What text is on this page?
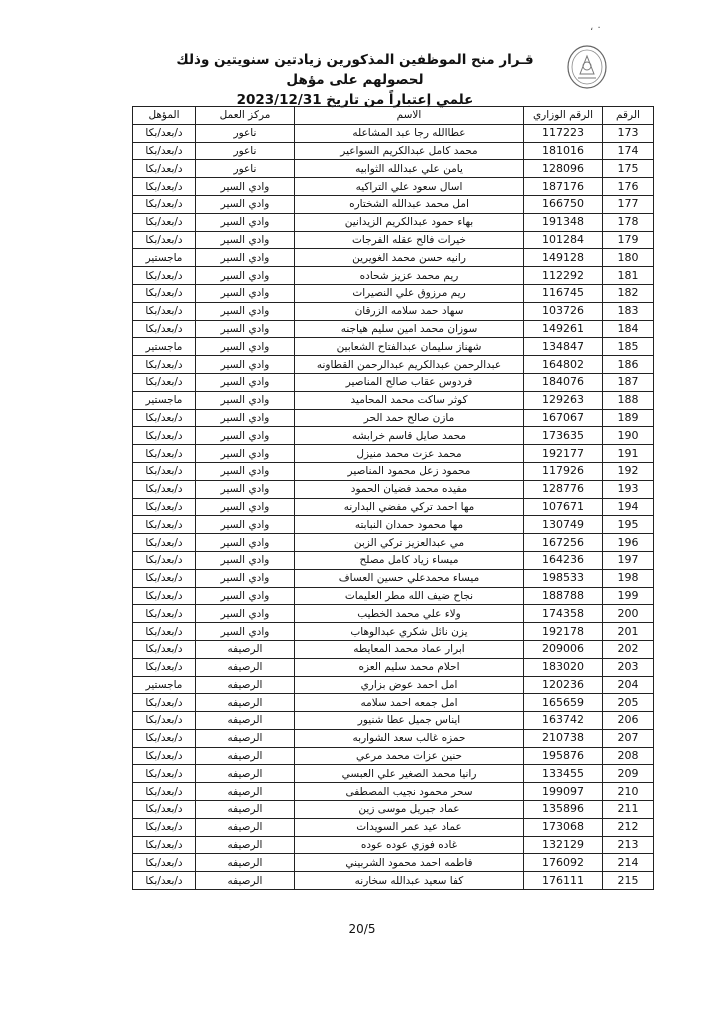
، ٠
قـرار منح الموظفين المذكورين زيادتين سنويتين وذلك لحصولهم على مؤهل
علمي إعتباراً من تاريخ 2023/12/31
الرقم	الرقم الوزاري	الاسم	مركز العمل	المؤهل
173	117223	عطاالله رجا عبد المشاعله	ناعور	د/بعد/بكا
174	181016	محمد كامل عبدالكريم السواعير	ناعور	د/بعد/بكا
175	128096	يامن علي عبدالله الثوابيه	ناعور	د/بعد/بكا
176	187176	اسال سعود علي التراكيه	وادي السير	د/بعد/بكا
177	166750	امل محمد عبدالله الشختاره	وادي السير	د/بعد/بكا
178	191348	بهاء حمود عبدالكريم الزيدانين	وادي السير	د/بعد/بكا
179	101284	خيرات فالح عقله الفرجات	وادي السير	د/بعد/بكا
180	149128	رانيه حسن محمد الغويرين	وادي السير	ماجستير
181	112292	ريم محمد عزيز شحاده	وادي السير	د/بعد/بكا
182	116745	ريم مرزوق علي النصيرات	وادي السير	د/بعد/بكا
183	103726	سهاد حمد سلامه الزرقان	وادي السير	د/بعد/بكا
184	149261	سوزان محمد امين سليم هياجنه	وادي السير	د/بعد/بكا
185	134847	شهناز سليمان عبدالفتاح الشعابين	وادي السير	ماجستير
186	164802	عبدالرحمن عبدالكريم عبدالرحمن القطاونه	وادي السير	د/بعد/بكا
187	184076	فردوس عقاب صالح المناصير	وادي السير	د/بعد/بكا
188	129263	كوثر ساكت محمد المحاميد	وادي السير	ماجستير
189	167067	مازن صالح حمد الحر	وادي السير	د/بعد/بكا
190	173635	محمد صايل قاسم خرابشه	وادي السير	د/بعد/بكا
191	192177	محمد عزت محمد منيزل	وادي السير	د/بعد/بكا
192	117926	محمود زعل محمود المناصير	وادي السير	د/بعد/بكا
193	128776	مفيده محمد فضيان الحمود	وادي السير	د/بعد/بكا
194	107671	مها احمد تركي مفضي البدارنه	وادي السير	د/بعد/بكا
195	130749	مها محمود حمدان النبابته	وادي السير	د/بعد/بكا
196	167256	مي عبدالعزيز تركي الزبن	وادي السير	د/بعد/بكا
197	164236	ميساء زياد كامل مصلح	وادي السير	د/بعد/بكا
198	198533	ميساء محمدعلي حسين العساف	وادي السير	د/بعد/بكا
199	188788	نجاح ضيف الله مطر العليمات	وادي السير	د/بعد/بكا
200	174358	ولاء علي محمد الخطيب	وادي السير	د/بعد/بكا
201	192178	يزن نائل شكري عبدالوهاب	وادي السير	د/بعد/بكا
202	209006	ابرار عماد محمد المعايطه	الرصيفه	د/بعد/بكا
203	183020	احلام محمد سليم العزه	الرصيفه	د/بعد/بكا
204	120236	امل احمد عوض بزاري	الرصيفه	ماجستير
205	165659	امل جمعه احمد سلامه	الرصيفه	د/بعد/بكا
206	163742	ايناس جميل عطا شنيور	الرصيفه	د/بعد/بكا
207	210738	حمزه غالب سعد الشواربه	الرصيفه	د/بعد/بكا
208	195876	حنين عزات محمد مرعي	الرصيفه	د/بعد/بكا
209	133455	رانيا محمد الصغير علي العبسي	الرصيفه	د/بعد/بكا
210	199097	سحر محمود نجيب المصطفى	الرصيفه	د/بعد/بكا
211	135896	عماد جبريل موسى زين	الرصيفه	د/بعد/بكا
212	173068	عماد عيد عمر السويدات	الرصيفه	د/بعد/بكا
213	132129	غاده فوزي عوده عوده	الرصيفه	د/بعد/بكا
214	176092	فاطمه احمد محمود الشربيني	الرصيفه	د/بعد/بكا
215	176111	كفا سعيد عبدالله سخارنه	الرصيفه	د/بعد/بكا
20/5
